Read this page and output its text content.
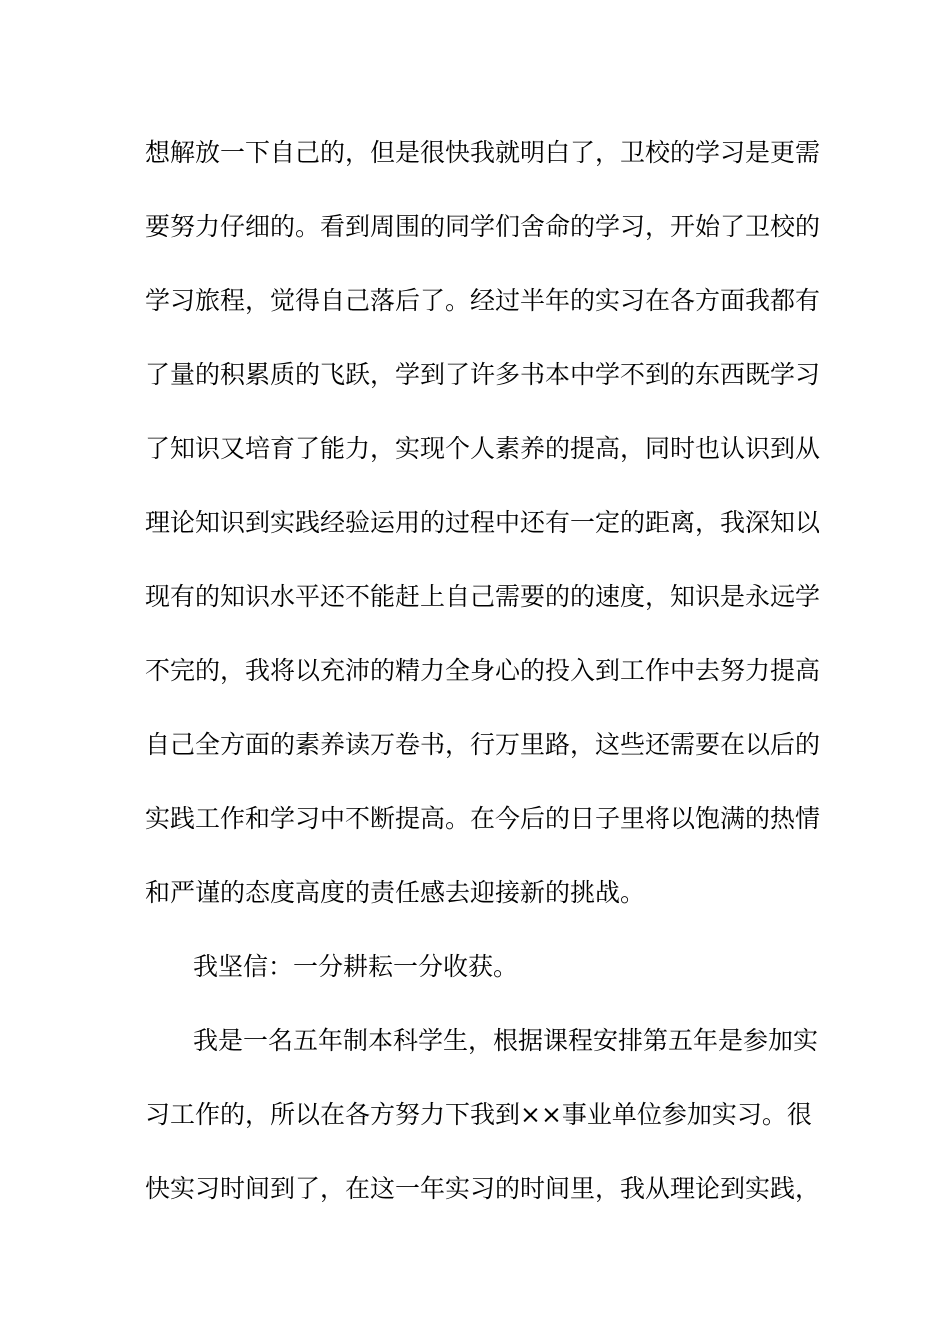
想解放一下自己的，但是很快我就明白了，卫校的学习是更需
要努力仔细的。看到周围的同学们舍命的学习，开始了卫校的
学习旅程，觉得自己落后了。经过半年的实习在各方面我都有
了量的积累质的飞跃，学到了许多书本中学不到的东西既学习
了知识又培育了能力，实现个人素养的提高，同时也认识到从
理论知识到实践经验运用的过程中还有一定的距离，我深知以
现有的知识水平还不能赶上自己需要的的速度，知识是永远学
不完的，我将以充沛的精力全身心的投入到工作中去努力提高
自己全方面的素养读万卷书，行万里路，这些还需要在以后的
实践工作和学习中不断提高。在今后的日子里将以饱满的热情
和严谨的态度高度的责任感去迎接新的挑战。
我坚信：一分耕耘一分收获。
我是一名五年制本科学生，根据课程安排第五年是参加实
习工作的，所以在各方努力下我到××事业单位参加实习。很
快实习时间到了，在这一年实习的时间里，我从理论到实践，
